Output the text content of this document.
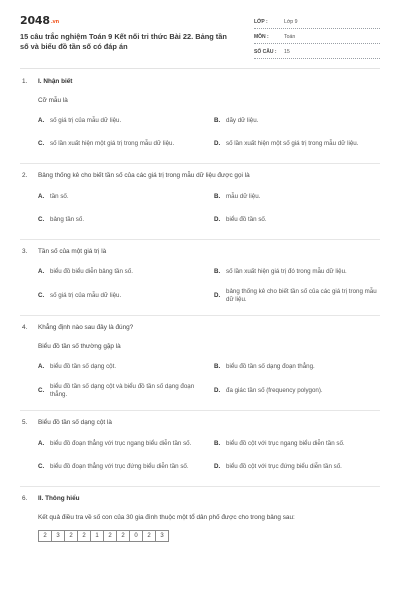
$2048^{.vn}$
15 câu trắc nghiệm Toán 9 Kết nối tri thức Bài 22. Bảng tần số và biểu đồ tần số có đáp án
LỚP :	Lớp 9
MÔN :	Toán
SỐ CÂU :	15
1. I. Nhận biết
Cỡ mẫu là
A. số giá trị của mẫu dữ liệu.	B. dãy dữ liệu.
C. số lần xuất hiện một giá trị trong mẫu dữ liệu.	D. số lần xuất hiện một số giá trị trong mẫu dữ liệu.
2. Bảng thống kê cho biết tần số của các giá trị trong mẫu dữ liệu được gọi là
A. tần số.	B. mẫu dữ liệu.
C. bảng tần số.	D. biểu đồ tần số.
3. Tần số của một giá trị là
A. biểu đồ biểu diễn bảng tần số.	B. số lần xuất hiện giá trị đó trong mẫu dữ liệu.
C. số giá trị của mẫu dữ liệu.	D.
bảng thống kê cho biết tần số của các giá trị trong mẫu dữ liệu.
4. Khẳng định nào sau đây là đúng?
Biểu đồ tần số thường gặp là
A. biểu đồ tần số dạng cột.	B. biểu đồ tần số dạng đoạn thẳng.
C.
biểu đồ tần số dạng cột và biểu đồ tần số dạng đoạn thẳng.
D. đa giác tần số (frequency polygon).
5. Biểu đồ tần số dạng cột là
A. biểu đồ đoạn thẳng với trục ngang biểu diễn tần số.	B. biểu đồ cột với trục ngang biểu diễn tần số.
C. biểu đồ đoạn thẳng với trục đứng biểu diễn tần số.	D. biểu đồ cột với trục đứng biểu diễn tần số.
6. II. Thông hiểu
Kết quả điều tra về số con của 30 gia đình thuộc một tổ dân phố được cho trong bảng sau:
2	3	2	2	1	2	2	0	2	3
